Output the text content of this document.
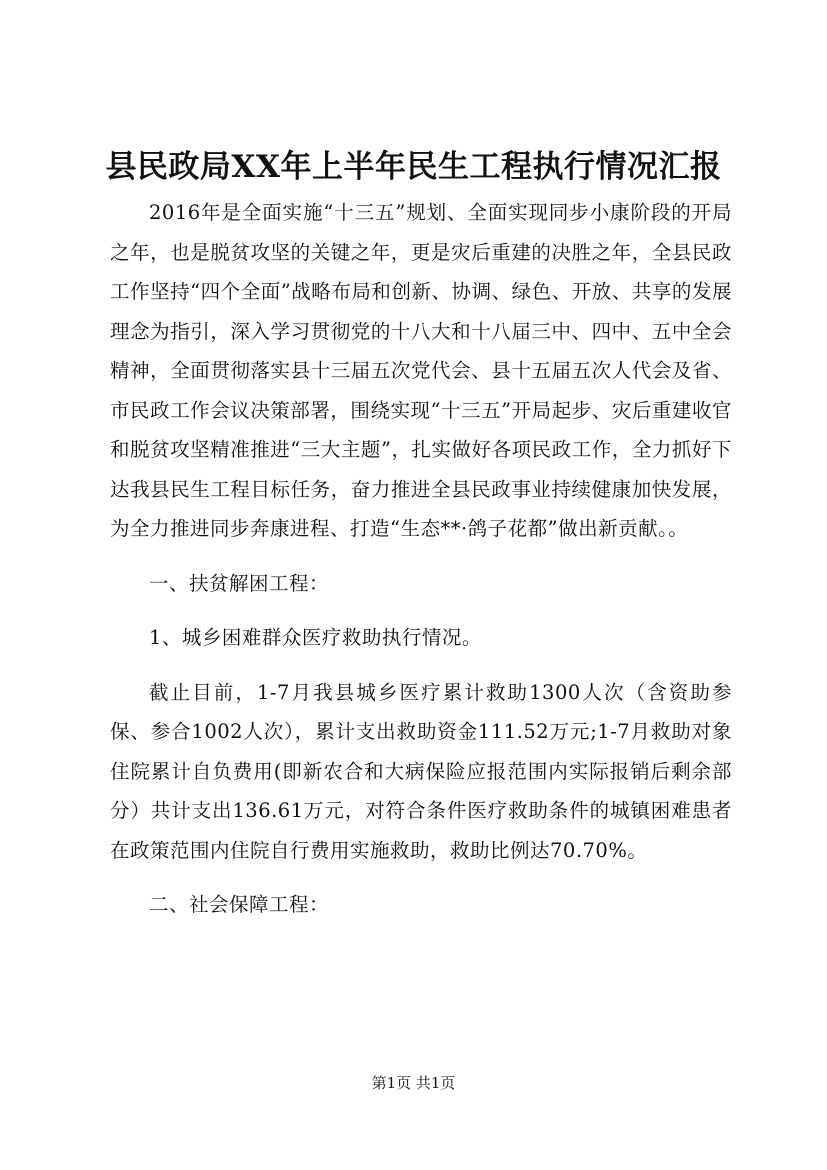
县民政局XX年上半年民生工程执行情况汇报

2016年是全面实施“十三五”规划、全面实现同步小康阶段的开局之年，也是脱贫攻坚的关键之年，更是灾后重建的决胜之年，全县民政工作坚持“四个全面”战略布局和创新、协调、绿色、开放、共享的发展理念为指引，深入学习贯彻党的十八大和十八届三中、四中、五中全会精神，全面贯彻落实县十三届五次党代会、县十五届五次人代会及省、市民政工作会议决策部署，围绕实现“十三五”开局起步、灾后重建收官和脱贫攻坚精准推进“三大主题”，扎实做好各项民政工作，全力抓好下达我县民生工程目标任务，奋力推进全县民政事业持续健康加快发展，为全力推进同步奔康进程、打造“生态**·鸽子花都”做出新贡献。。

一、扶贫解困工程：

1、城乡困难群众医疗救助执行情况。

截止目前，1-7月我县城乡医疗累计救助1300人次（含资助参保、参合1002人次），累计支出救助资金111.52万元;1-7月救助对象住院累计自负费用(即新农合和大病保险应报范围内实际报销后剩余部分）共计支出136.61万元，对符合条件医疗救助条件的城镇困难患者在政策范围内住院自行费用实施救助，救助比例达70.70%。

二、社会保障工程：

第1页 共1页
